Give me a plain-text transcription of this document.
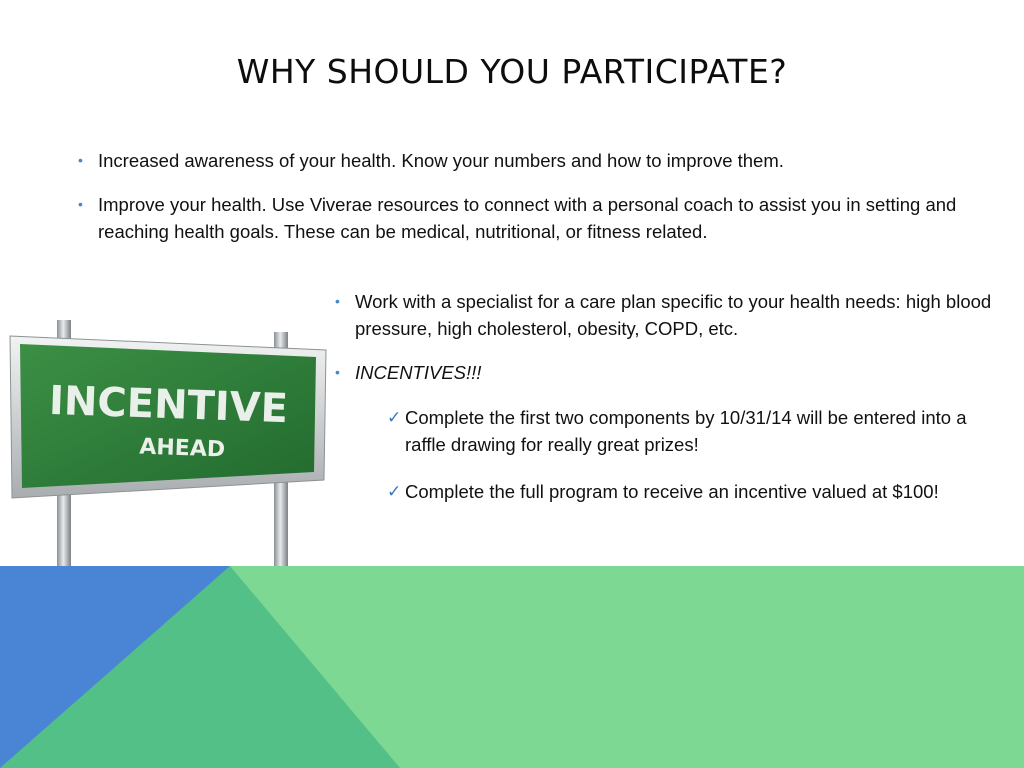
WHY SHOULD YOU PARTICIPATE?
• Increased awareness of your health. Know your numbers and how to improve them.
• Improve your health. Use Viverae resources to connect with a personal coach to assist you in setting and reaching health goals. These can be medical, nutritional, or fitness related.
INCENTIVE
AHEAD
• Work with a specialist for a care plan specific to your health needs: high blood pressure, high cholesterol, obesity, COPD, etc.
• INCENTIVES!!!
✓ Complete the first two components by 10/31/14 will be entered into a raffle drawing for really great prizes!
✓ Complete the full program to receive an incentive valued at $100!
